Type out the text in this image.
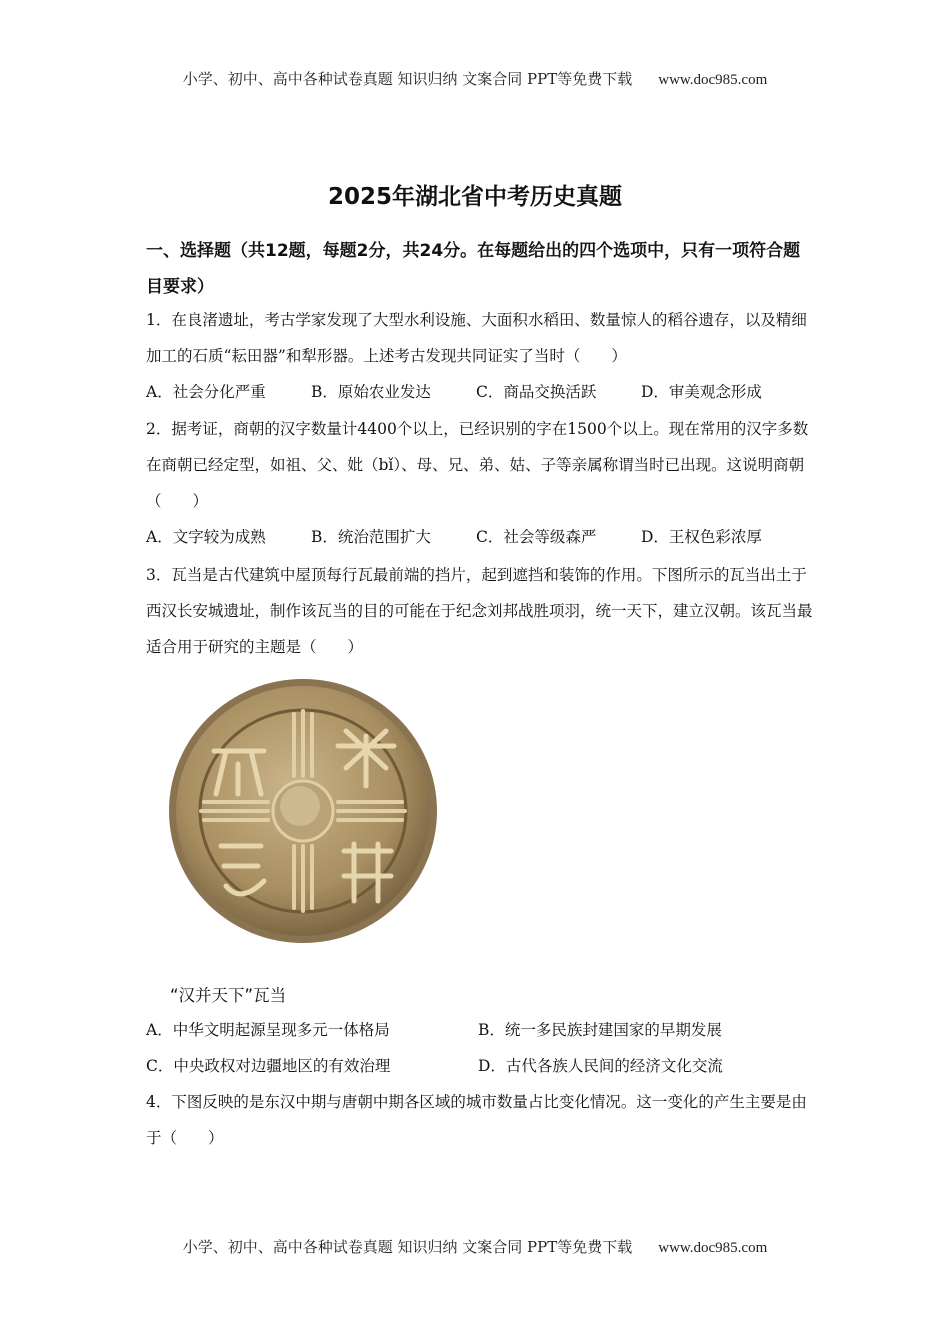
小学、初中、高中各种试卷真题 知识归纳 文案合同 PPT等免费下载 www.doc985.com
2025年湖北省中考历史真题
一、选择题（共12题，每题2分，共24分。在每题给出的四个选项中，只有一项符合题目要求）
1．在良渚遗址，考古学家发现了大型水利设施、大面积水稻田、数量惊人的稻谷遗存，以及精细加工的石质“耘田器”和犁形器。上述考古发现共同证实了当时（　　）
A．社会分化严重	B．原始农业发达	C．商品交换活跃	D．审美观念形成
2．据考证，商朝的汉字数量计4400个以上，已经识别的字在1500个以上。现在常用的汉字多数在商朝已经定型，如祖、父、妣（bǐ）、母、兄、弟、姑、子等亲属称谓当时已出现。这说明商朝（　　）
A．文字较为成熟	B．统治范围扩大	C．社会等级森严	D．王权色彩浓厚
3．瓦当是古代建筑中屋顶每行瓦最前端的挡片，起到遮挡和装饰的作用。下图所示的瓦当出土于西汉长安城遗址，制作该瓦当的目的可能在于纪念刘邦战胜项羽，统一天下，建立汉朝。该瓦当最适合用于研究的主题是（　　）
“汉并天下”瓦当
A．中华文明起源呈现多元一体格局	B．统一多民族封建国家的早期发展
C．中央政权对边疆地区的有效治理	D．古代各族人民间的经济文化交流
4．下图反映的是东汉中期与唐朝中期各区域的城市数量占比变化情况。这一变化的产生主要是由于（　　）
小学、初中、高中各种试卷真题 知识归纳 文案合同 PPT等免费下载 www.doc985.com
